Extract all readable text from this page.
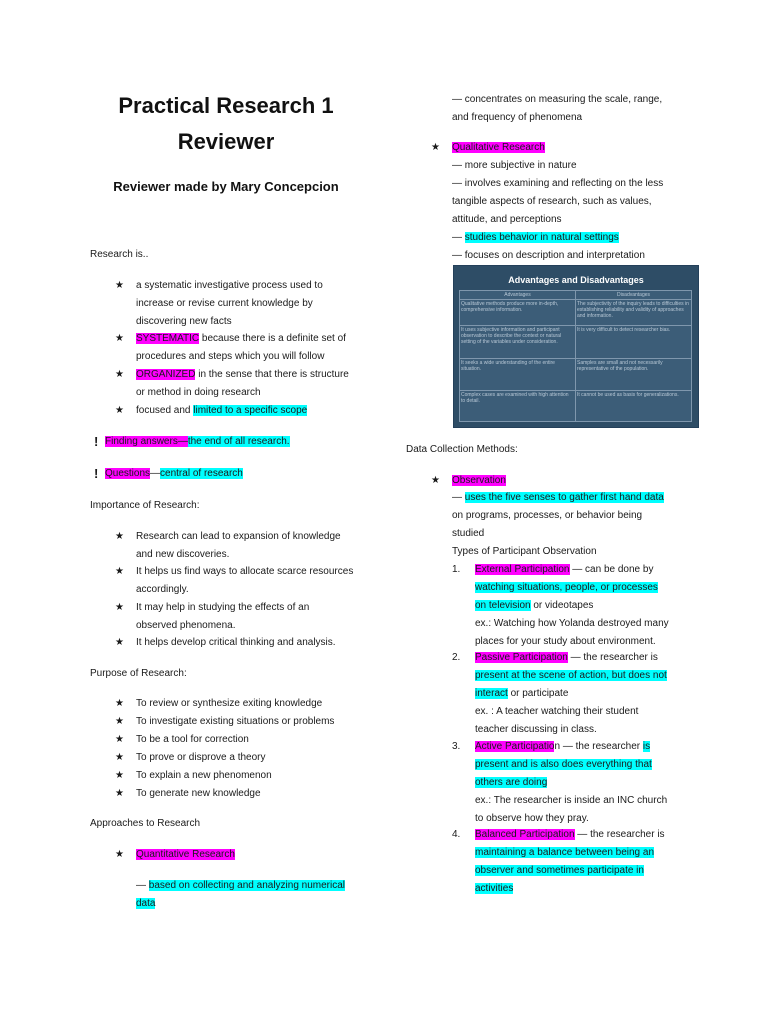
Practical Research 1
Reviewer
Reviewer made by Mary Concepcion
Research is..
★ a systematic investigative process used to
increase or revise current knowledge by
discovering new facts
★ SYSTEMATIC because there is a definite set of
procedures and steps which you will follow
★ ORGANIZED in the sense that there is structure
or method in doing research
★ focused and limited to a specific scope
! Finding answers—the end of all research.
! Questions—central of research
Importance of Research:
★ Research can lead to expansion of knowledge
and new discoveries.
★ It helps us find ways to allocate scarce resources
accordingly.
★ It may help in studying the effects of an
observed phenomena.
★ It helps develop critical thinking and analysis.
Purpose of Research:
★ To review or synthesize exiting knowledge
★ To investigate existing situations or problems
★ To be a tool for correction
★ To prove or disprove a theory
★ To explain a new phenomenon
★ To generate new knowledge
Approaches to Research
★ Quantitative Research
— based on collecting and analyzing numerical
data
— concentrates on measuring the scale, range,
and frequency of phenomena
★ Qualitative Research
— more subjective in nature
— involves examining and reflecting on the less
tangible aspects of research, such as values,
attitude, and perceptions
— studies behavior in natural settings
— focuses on description and interpretation
Advantages and Disadvantages
Advantages	Disadvantages
Qualitative methods produce more in-depth, comprehensive information.
The subjectivity of the inquiry leads to difficulties in establishing reliability and validity of approaches and information.
It uses subjective information and participant observation to describe the context or natural setting of the variables under consideration.
It is very difficult to detect researcher bias.
It seeks a wide understanding of the entire situation.
Samples are small and not necessarily representative of the population.
Complex cases are examined with high attention to detail.
It cannot be used as basis for generalizations.
Data Collection Methods:
★ Observation
— uses the five senses to gather first hand data
on programs, processes, or behavior being
studied
Types of Participant Observation
1. External Participation — can be done by
watching situations, people, or processes
on television or videotapes
ex.: Watching how Yolanda destroyed many
places for your study about environment.
2. Passive Participation — the researcher is
present at the scene of action, but does not
interact or participate
ex. : A teacher watching their student
teacher discussing in class.
3. Active Participation — the researcher is
present and is also does everything that
others are doing
ex.: The researcher is inside an INC church
to observe how they pray.
4. Balanced Participation — the researcher is
maintaining a balance between being an
observer and sometimes participate in
activities
